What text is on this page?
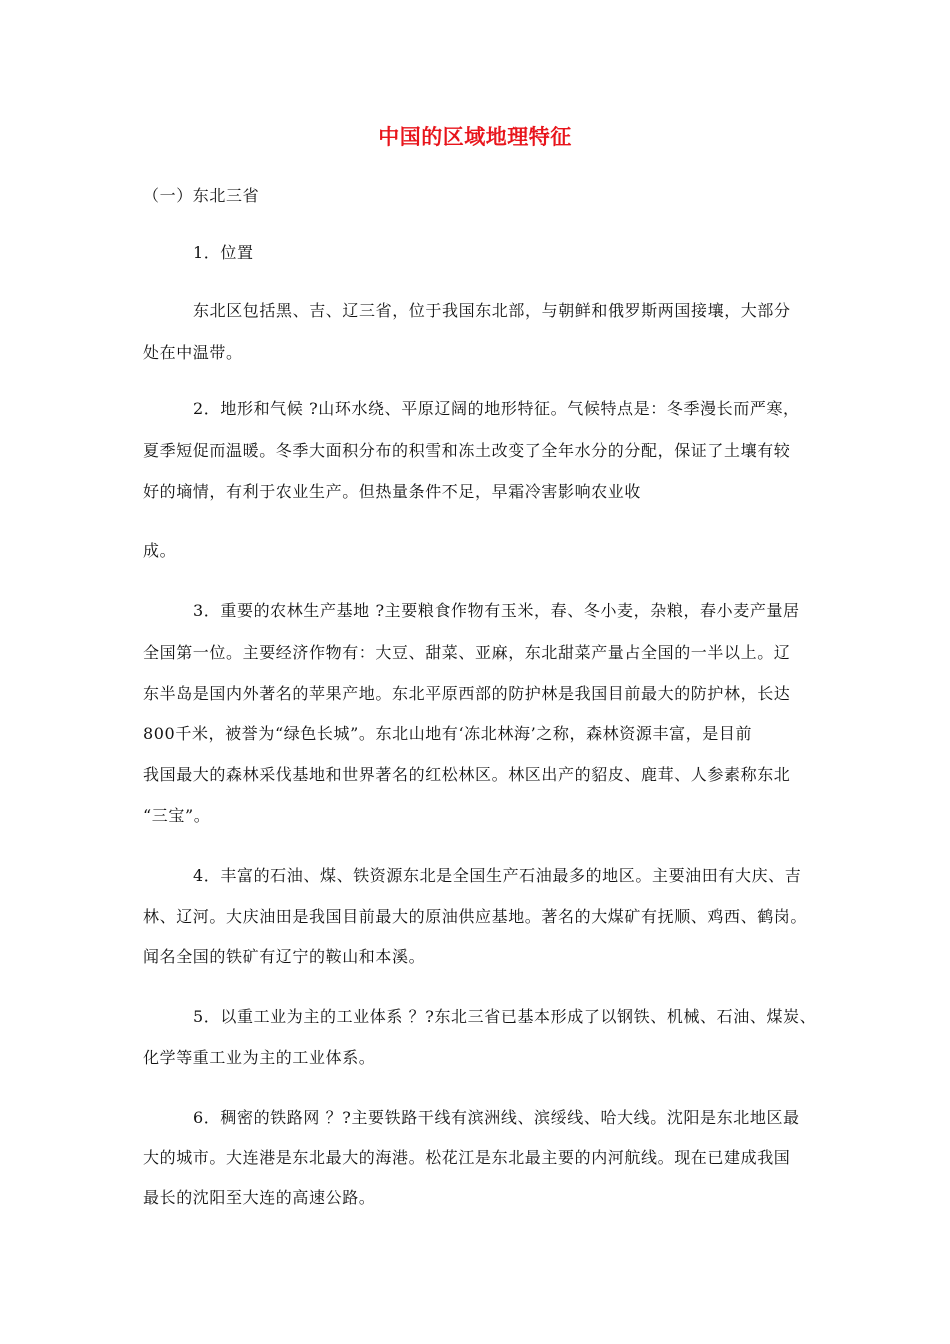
中国的区域地理特征
（一）东北三省
1．位置
东北区包括黑、吉、辽三省，位于我国东北部，与朝鲜和俄罗斯两国接壤，大部分
处在中温带。
2．地形和气候 ?山环水绕、平原辽阔的地形特征。气候特点是：冬季漫长而严寒，
夏季短促而温暖。冬季大面积分布的积雪和冻土改变了全年水分的分配，保证了土壤有较
好的墒情，有利于农业生产。但热量条件不足，早霜冷害影响农业收
成。
3．重要的农林生产基地 ?主要粮食作物有玉米，春、冬小麦，杂粮，春小麦产量居
全国第一位。主要经济作物有：大豆、甜菜、亚麻，东北甜菜产量占全国的一半以上。辽
东半岛是国内外著名的苹果产地。东北平原西部的防护林是我国目前最大的防护林，长达
800千米，被誉为“绿色长城”。东北山地有‘冻北林海’之称，森林资源丰富，是目前
我国最大的森林采伐基地和世界著名的红松林区。林区出产的貂皮、鹿茸、人参素称东北
“三宝”。
4．丰富的石油、煤、铁资源东北是全国生产石油最多的地区。主要油田有大庆、吉
林、辽河。大庆油田是我国目前最大的原油供应基地。著名的大煤矿有抚顺、鸡西、鹤岗。
闻名全国的铁矿有辽宁的鞍山和本溪。
5．以重工业为主的工业体系 ？?东北三省已基本形成了以钢铁、机械、石油、煤炭、
化学等重工业为主的工业体系。
6．稠密的铁路网 ？?主要铁路干线有滨洲线、滨绥线、哈大线。沈阳是东北地区最
大的城市。大连港是东北最大的海港。松花江是东北最主要的内河航线。现在已建成我国
最长的沈阳至大连的高速公路。
